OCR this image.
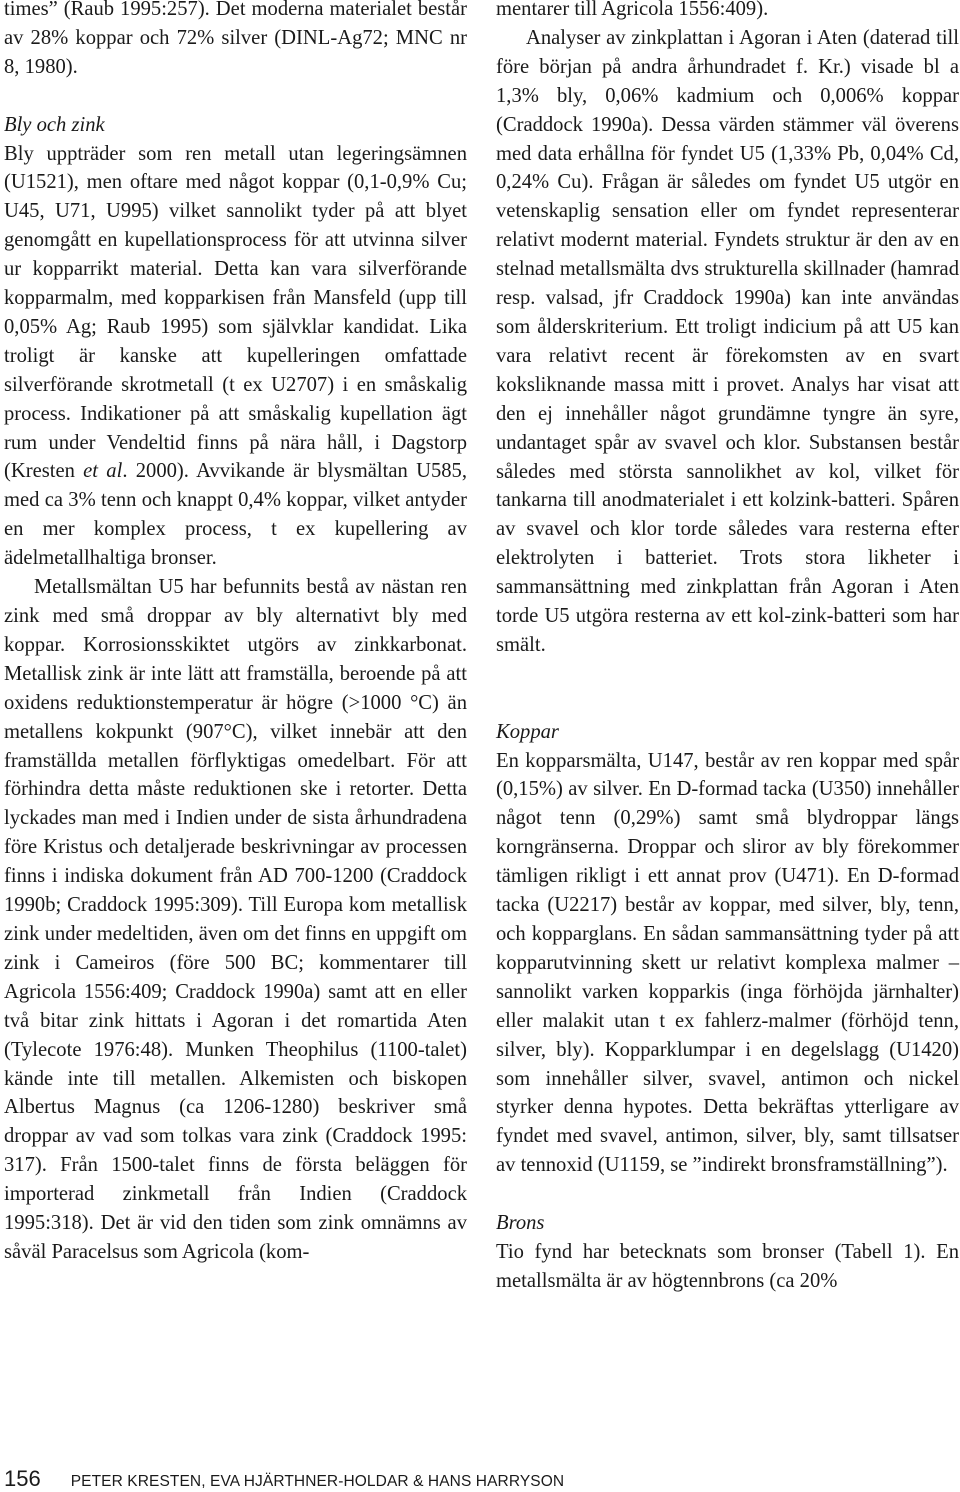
times” (Raub 1995:257). Det moderna materialet består av 28% koppar och 72% silver (DINL-Ag72; MNC nr 8, 1980).

Bly och zink

Bly uppträder som ren metall utan legeringsämnen (U1521), men oftare med något koppar (0,1-0,9% Cu; U45, U71, U995) vilket sannolikt tyder på att blyet genomgått en kupellationsprocess för att utvinna silver ur kopparrikt material. Detta kan vara silverförande kopparmalm, med kopparkisen från Mansfeld (upp till 0,05% Ag; Raub 1995) som självklar kandidat. Lika troligt är kanske att kupelleringen omfattade silverförande skrotmetall (t ex U2707) i en småskalig process. Indikationer på att småskalig kupellation ägt rum under Vendeltid finns på nära håll, i Dagstorp (Kresten et al. 2000). Avvikande är blysmältan U585, med ca 3% tenn och knappt 0,4% koppar, vilket antyder en mer komplex process, t ex kupellering av ädelmetallhaltiga bronser.

Metallsmältan U5 har befunnits bestå av nästan ren zink med små droppar av bly alternativt bly med koppar. Korrosionsskiktet utgörs av zinkkarbonat. Metallisk zink är inte lätt att framställa, beroende på att oxidens reduktionstemperatur är högre (>1000 °C) än metallens kokpunkt (907°C), vilket innebär att den framställda metallen förflyktigas omedelbart. För att förhindra detta måste reduktionen ske i retorter. Detta lyckades man med i Indien under de sista århundradena före Kristus och detaljerade beskrivningar av processen finns i indiska dokument från AD 700-1200 (Craddock 1990b; Craddock 1995:309). Till Europa kom metallisk zink under medeltiden, även om det finns en uppgift om zink i Cameiros (före 500 BC; kommentarer till Agricola 1556:409; Craddock 1990a) samt att en eller två bitar zink hittats i Agoran i det romartida Aten (Tylecote 1976:48). Munken Theophilus (1100-talet) kände inte till metallen. Alkemisten och biskopen Albertus Magnus (ca 1206-1280) beskriver små droppar av vad som tolkas vara zink (Craddock 1995: 317). Från 1500-talet finns de första beläggen för importerad zinkmetall från Indien (Craddock 1995:318). Det är vid den tiden som zink omnämns av såväl Paracelsus som Agricola (kom-

mentarer till Agricola 1556:409).

Analyser av zinkplattan i Agoran i Aten (daterad till före början på andra århundradet f. Kr.) visade bl a 1,3% bly, 0,06% kadmium och 0,006% koppar (Craddock 1990a). Dessa värden stämmer väl överens med data erhållna för fyndet U5 (1,33% Pb, 0,04% Cd, 0,24% Cu). Frågan är således om fyndet U5 utgör en vetenskaplig sensation eller om fyndet representerar relativt modernt material. Fyndets struktur är den av en stelnad metallsmälta dvs strukturella skillnader (hamrad resp. valsad, jfr Craddock 1990a) kan inte användas som ålderskriterium. Ett troligt indicium på att U5 kan vara relativt recent är förekomsten av en svart koksliknande massa mitt i provet. Analys har visat att den ej innehåller något grundämne tyngre än syre, undantaget spår av svavel och klor. Substansen består således med största sannolikhet av kol, vilket för tankarna till anodmaterialet i ett kolzink-batteri. Spåren av svavel och klor torde således vara resterna efter elektrolyten i batteriet. Trots stora likheter i sammansättning med zinkplattan från Agoran i Aten torde U5 utgöra resterna av ett kol-zink-batteri som har smält.

Koppar

En kopparsmälta, U147, består av ren koppar med spår (0,15%) av silver. En D-formad tacka (U350) innehåller något tenn (0,29%) samt små blydroppar längs korngränserna. Droppar och sliror av bly förekommer tämligen rikligt i ett annat prov (U471). En D-formad tacka (U2217) består av koppar, med silver, bly, tenn, och kopparglans. En sådan sammansättning tyder på att kopparutvinning skett ur relativt komplexa malmer – sannolikt varken kopparkis (inga förhöjda järnhalter) eller malakit utan t ex fahlerz-malmer (förhöjd tenn, silver, bly). Kopparklumpar i en degelslagg (U1420) som innehåller silver, svavel, antimon och nickel styrker denna hypotes. Detta bekräftas ytterligare av fyndet med svavel, antimon, silver, bly, samt tillsatser av tennoxid (U1159, se ”indirekt bronsframställning”).

Brons

Tio fynd har betecknats som bronser (Tabell 1). En metallsmälta är av högtennbrons (ca 20%

156 PETER KRESTEN, EVA HJÄRTHNER-HOLDAR & HANS HARRYSON
